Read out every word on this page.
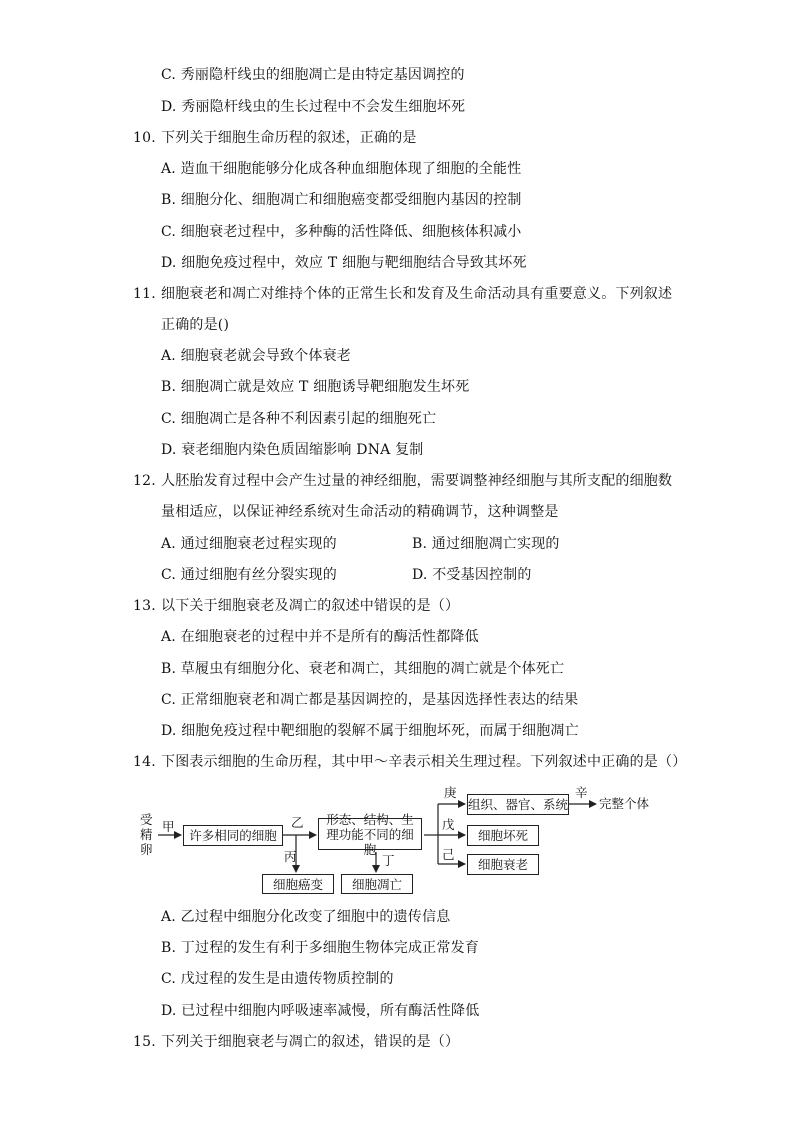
C. 秀丽隐杆线虫的细胞凋亡是由特定基因调控的
D. 秀丽隐杆线虫的生长过程中不会发生细胞坏死
10. 下列关于细胞生命历程的叙述，正确的是
A. 造血干细胞能够分化成各种血细胞体现了细胞的全能性
B. 细胞分化、细胞凋亡和细胞癌变都受细胞内基因的控制
C. 细胞衰老过程中，多种酶的活性降低、细胞核体积减小
D. 细胞免疫过程中，效应 T 细胞与靶细胞结合导致其坏死
11. 细胞衰老和凋亡对维持个体的正常生长和发育及生命活动具有重要意义。下列叙述
正确的是()
A. 细胞衰老就会导致个体衰老
B. 细胞凋亡就是效应 T 细胞诱导靶细胞发生坏死
C. 细胞凋亡是各种不利因素引起的细胞死亡
D. 衰老细胞内染色质固缩影响 DNA 复制
12. 人胚胎发育过程中会产生过量的神经细胞，需要调整神经细胞与其所支配的细胞数
量相适应，以保证神经系统对生命活动的精确调节，这种调整是
A. 通过细胞衰老过程实现的	B. 通过细胞凋亡实现的
C. 通过细胞有丝分裂实现的	D. 不受基因控制的
13. 以下关于细胞衰老及凋亡的叙述中错误的是（）
A. 在细胞衰老的过程中并不是所有的酶活性都降低
B. 草履虫有细胞分化、衰老和凋亡，其细胞的凋亡就是个体死亡
C. 正常细胞衰老和凋亡都是基因调控的，是基因选择性表达的结果
D. 细胞免疫过程中靶细胞的裂解不属于细胞坏死，而属于细胞凋亡
14. 下图表示细胞的生命历程，其中甲～辛表示相关生理过程。下列叙述中正确的是（）
受精卵
甲
许多相同的细胞
乙
丙
形态、结构、生理功能不同的细胞
丁
细胞癌变	细胞凋亡
庚
戊
己
组织、器官、系统
细胞坏死
细胞衰老
辛
完整个体
A. 乙过程中细胞分化改变了细胞中的遗传信息
B. 丁过程的发生有利于多细胞生物体完成正常发育
C. 戊过程的发生是由遗传物质控制的
D. 已过程中细胞内呼吸速率减慢，所有酶活性降低
15. 下列关于细胞衰老与凋亡的叙述，错误的是（）
